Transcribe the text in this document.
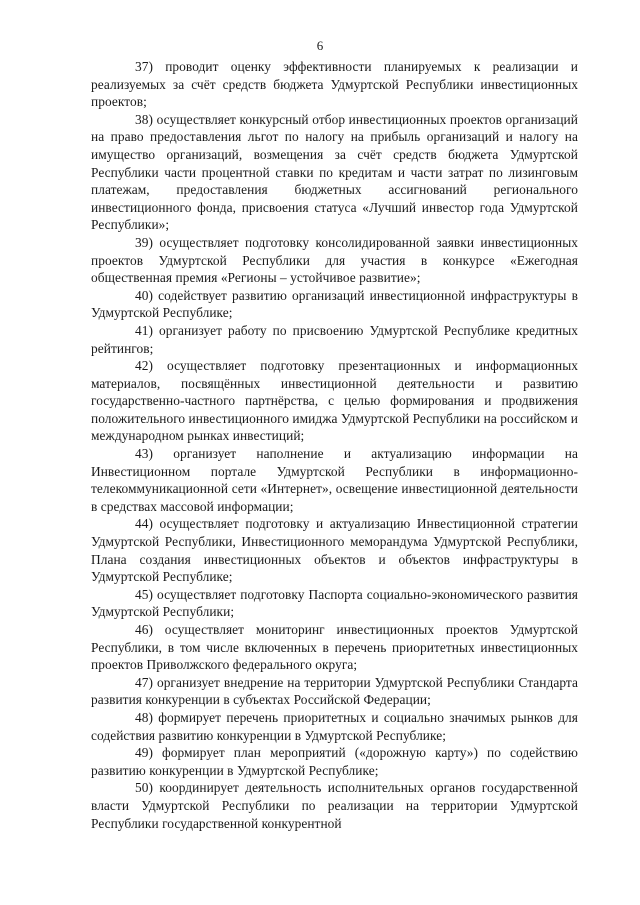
6

37) проводит оценку эффективности планируемых к реализации и реализуемых за счёт средств бюджета Удмуртской Республики инвестиционных проектов;

38) осуществляет конкурсный отбор инвестиционных проектов организаций на право предоставления льгот по налогу на прибыль организаций и налогу на имущество организаций, возмещения за счёт средств бюджета Удмуртской Республики части процентной ставки по кредитам и части затрат по лизинговым платежам, предоставления бюджетных ассигнований регионального инвестиционного фонда, присвоения статуса «Лучший инвестор года Удмуртской Республики»;

39) осуществляет подготовку консолидированной заявки инвестиционных проектов Удмуртской Республики для участия в конкурсе «Ежегодная общественная премия «Регионы – устойчивое развитие»;

40) содействует развитию организаций инвестиционной инфраструктуры в Удмуртской Республике;

41) организует работу по присвоению Удмуртской Республике кредитных рейтингов;

42) осуществляет подготовку презентационных и информационных материалов, посвящённых инвестиционной деятельности и развитию государственно-частного партнёрства, с целью формирования и продвижения положительного инвестиционного имиджа Удмуртской Республики на российском и международном рынках инвестиций;

43) организует наполнение и актуализацию информации на Инвестиционном портале Удмуртской Республики в информационно-телекоммуникационной сети «Интернет», освещение инвестиционной деятельности в средствах массовой информации;

44) осуществляет подготовку и актуализацию Инвестиционной стратегии Удмуртской Республики, Инвестиционного меморандума Удмуртской Республики, Плана создания инвестиционных объектов и объектов инфраструктуры в Удмуртской Республике;

45) осуществляет подготовку Паспорта социально-экономического развития Удмуртской Республики;

46) осуществляет мониторинг инвестиционных проектов Удмуртской Республики, в том числе включенных в перечень приоритетных инвестиционных проектов Приволжского федерального округа;

47) организует внедрение на территории Удмуртской Республики Стандарта развития конкуренции в субъектах Российской Федерации;

48) формирует перечень приоритетных и социально значимых рынков для содействия развитию конкуренции в Удмуртской Республике;

49) формирует план мероприятий («дорожную карту») по содействию развитию конкуренции в Удмуртской Республике;

50) координирует деятельность исполнительных органов государственной власти Удмуртской Республики по реализации на территории Удмуртской Республики государственной конкурентной
